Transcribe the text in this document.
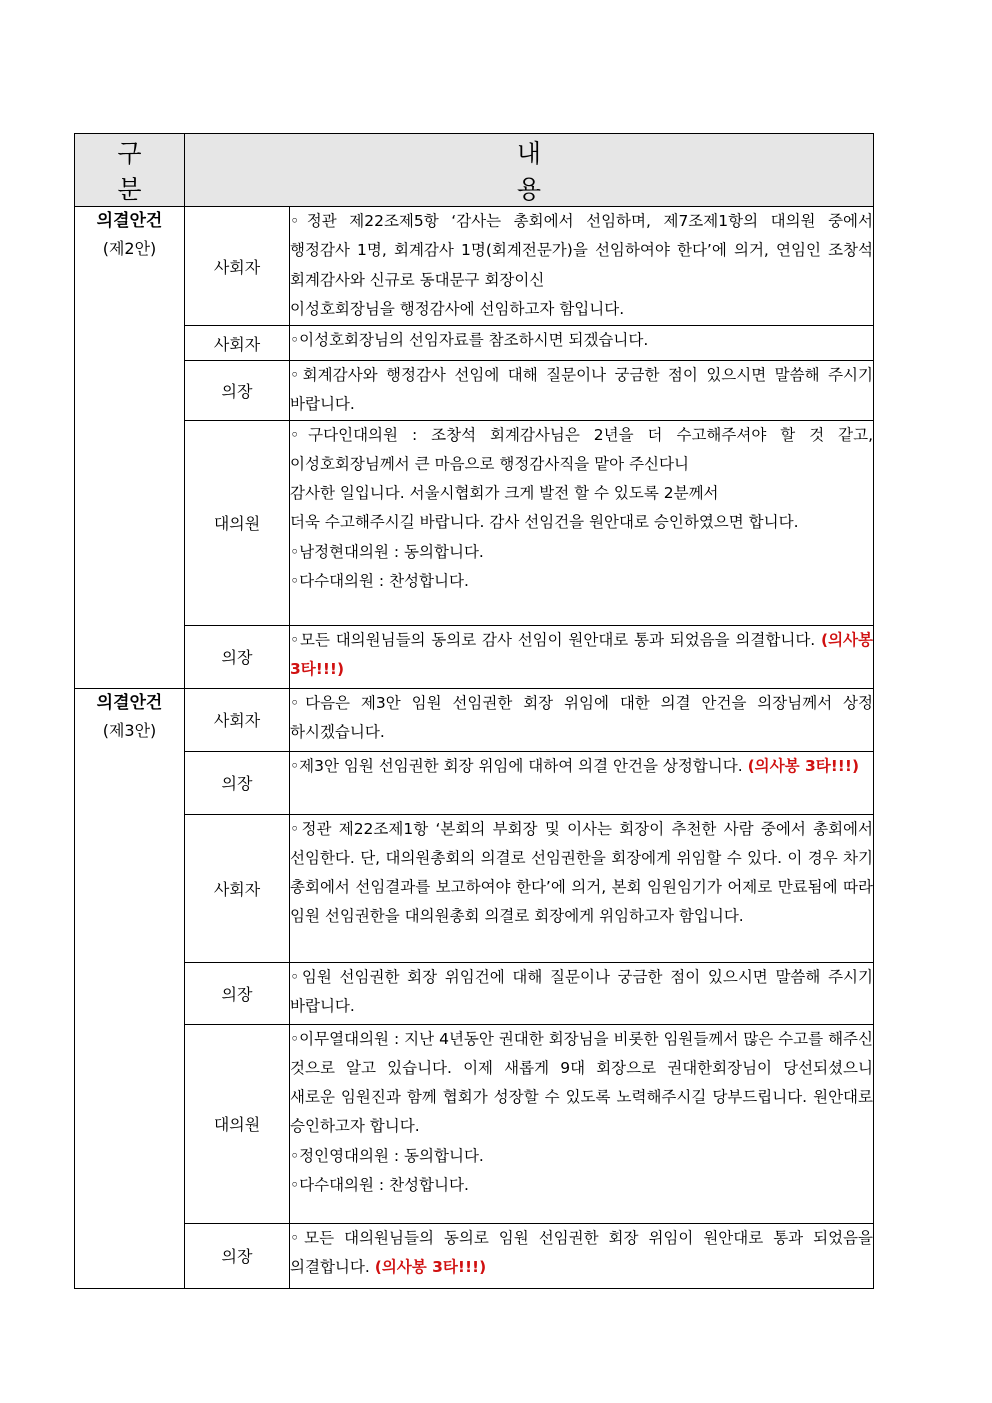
구 분	내 용	

의결안건
(제2안)	사회자	◦정관 제22조제5항 ‘감사는 총회에서 선임하며, 제7조제1항의 대의원 중에서 행정감사 1명, 회계감사 1명(회계전문가)을 선임하여야 한다’에 의거, 연임인 조창석 회계감사와 신규로 동대문구 회장이신
이성호회장님을 행정감사에 선임하고자 함입니다.

	사회자	◦이성호회장님의 선임자료를 참조하시면 되겠습니다.

	의장	◦회계감사와 행정감사 선임에 대해 질문이나 궁금한 점이 있으시면 말씀해 주시기 바랍니다.

	대의원	◦구다인대의원 : 조창석 회계감사님은 2년을 더 수고해주셔야 할 것 같고, 이성호회장님께서 큰 마음으로 행정감사직을 맡아 주신다니
감사한 일입니다. 서울시협회가 크게 발전 할 수 있도록 2분께서
더욱 수고해주시길 바랍니다. 감사 선임건을 원안대로 승인하였으면 합니다.
◦남정현대의원 : 동의합니다.
◦다수대의원 : 찬성합니다.

	의장	◦모든 대의원님들의 동의로 감사 선임이 원안대로 통과 되었음을 의결합니다. (의사봉 3타!!!)

의결안건
(제3안)	사회자	◦다음은 제3안 임원 선임권한 회장 위임에 대한 의결 안건을 의장님께서 상정 하시겠습니다.

	의장	◦제3안 임원 선임권한 회장 위임에 대하여 의결 안건을 상정합니다. (의사봉 3타!!!)

	사회자	◦정관 제22조제1항 ‘본회의 부회장 및 이사는 회장이 추천한 사람 중에서 총회에서 선임한다. 단, 대의원총회의 의결로 선임권한을 회장에게 위임할 수 있다. 이 경우 차기 총회에서 선임결과를 보고하여야 한다’에 의거, 본회 임원임기가 어제로 만료됨에 따라 임원 선임권한을 대의원총회 의결로 회장에게 위임하고자 함입니다.

	의장	◦임원 선임권한 회장 위임건에 대해 질문이나 궁금한 점이 있으시면 말씀해 주시기 바랍니다.

	대의원	◦이무열대의원 : 지난 4년동안 권대한 회장님을 비롯한 임원들께서 많은 수고를 해주신 것으로 알고 있습니다. 이제 새롭게 9대 회장으로 권대한회장님이 당선되셨으니 새로운 임원진과 함께 협회가 성장할 수 있도록 노력해주시길 당부드립니다. 원안대로 승인하고자 합니다.
◦정인영대의원 : 동의합니다.
◦다수대의원 : 찬성합니다.

	의장	◦모든 대의원님들의 동의로 임원 선임권한 회장 위임이 원안대로 통과 되었음을 의결합니다. (의사봉 3타!!!)
